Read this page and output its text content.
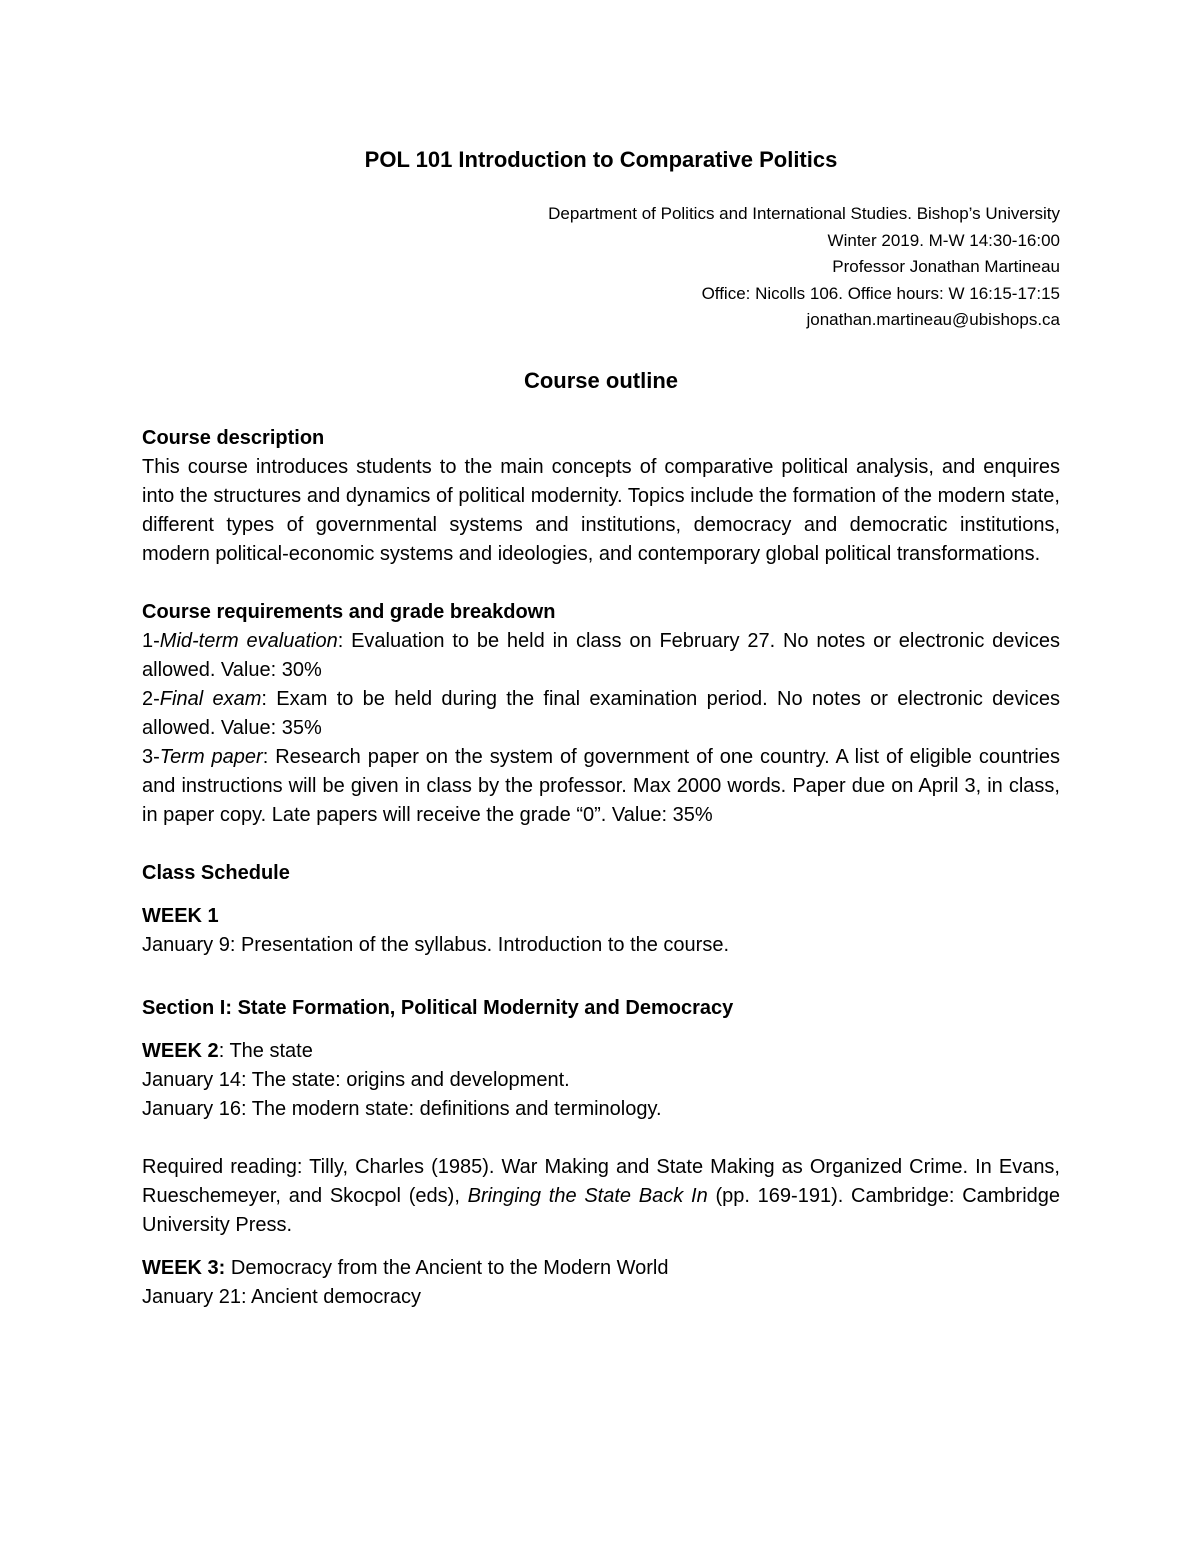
POL 101 Introduction to Comparative Politics
Department of Politics and International Studies. Bishop’s University
Winter 2019. M-W 14:30-16:00
Professor Jonathan Martineau
Office: Nicolls 106. Office hours: W 16:15-17:15
jonathan.martineau@ubishops.ca
Course outline
Course description

This course introduces students to the main concepts of comparative political analysis, and enquires into the structures and dynamics of political modernity. Topics include the formation of the modern state, different types of governmental systems and institutions, democracy and democratic institutions, modern political-economic systems and ideologies, and contemporary global political transformations.

Course requirements and grade breakdown

1-Mid-term evaluation: Evaluation to be held in class on February 27. No notes or electronic devices allowed. Value: 30%

2-Final exam: Exam to be held during the final examination period. No notes or electronic devices allowed. Value: 35%

3-Term paper: Research paper on the system of government of one country. A list of eligible countries and instructions will be given in class by the professor. Max 2000 words. Paper due on April 3, in class, in paper copy. Late papers will receive the grade “0”. Value: 35%

Class Schedule
WEEK 1
January 9: Presentation of the syllabus. Introduction to the course.
Section I: State Formation, Political Modernity and Democracy
WEEK 2: The state
January 14: The state: origins and development.
January 16: The modern state: definitions and terminology.

Required reading: Tilly, Charles (1985). War Making and State Making as Organized Crime. In Evans, Rueschemeyer, and Skocpol (eds), Bringing the State Back In (pp. 169-191). Cambridge: Cambridge University Press.

WEEK 3: Democracy from the Ancient to the Modern World
January 21: Ancient democracy
